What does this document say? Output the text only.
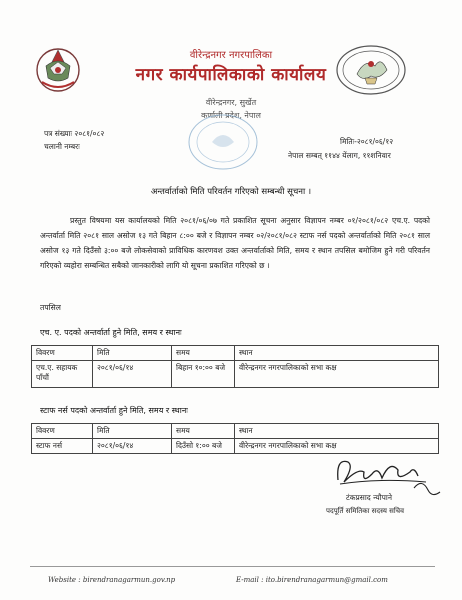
वीरेन्द्रनगर नगरपालिका
नगर कार्यपालिकाको कार्यालय
वीरेन्द्रनगर, सुर्खेत
कर्णाली प्रदेश, नेपाल
पत्र संख्याः २०८१/०८२
चलानी नम्बरः
मितिः-२०८१/०६/१२
नेपाल सम्बत् ११४४ येंलाग, ११शनिवार
अन्तर्वार्ताको मिति परिवर्तन गरिएको सम्बन्धी सूचना ।
प्रस्तुत विषयमा यस कार्यालयको मिति २०८१/०६/०७ गते प्रकाशित सूचना अनुसार विज्ञापन नम्बर ०१/२०८१/०८२ एच.ए. पदको अन्तर्वार्ता मिति २०८१ साल असोज १३ गते बिहान ८:०० बजे र विज्ञापन नम्बर ०२/२०८१/०८२ स्टाफ नर्स पदको अन्तर्वार्ताको मिति २०८१ साल असोज १३ गते दिउँसो ३:०० बजे लोकसेवाको प्राविधिक कारणवश उक्त अन्तर्वार्ताको मिति, समय र स्थान तपसिल बमोजिम हुने गरी परिवर्तन गरिएको व्यहोरा सम्बन्धित सबैको जानकारीको लागि यो सूचना प्रकाशित गरिएको छ ।
तपसिल
एच. ए. पदको अन्तर्वार्ता हुने मिति, समय र स्थानः
विवरण	मिति	समय	स्थान
एच.ए. सहायक पाँचौं	२०८१/०६/१४	बिहान १०:०० बजे	वीरेन्द्रनगर नगरपालिकाको सभा कक्ष
स्टाफ नर्स पदको अन्तर्वार्ता हुने मिति, समय र स्थानः
विवरण	मिति	समय	स्थान
स्टाफ नर्स	२०८१/०६/१४	दिउँसो १:०० बजे	वीरेन्द्रनगर नगरपालिकाको सभा कक्ष
टंकप्रसाद न्यौपाने
पदपूर्ति समितिका सदस्य सचिव
Website : birendranagarmun.gov.np	E-mail : ito.birendranagarmun@gmail.com
